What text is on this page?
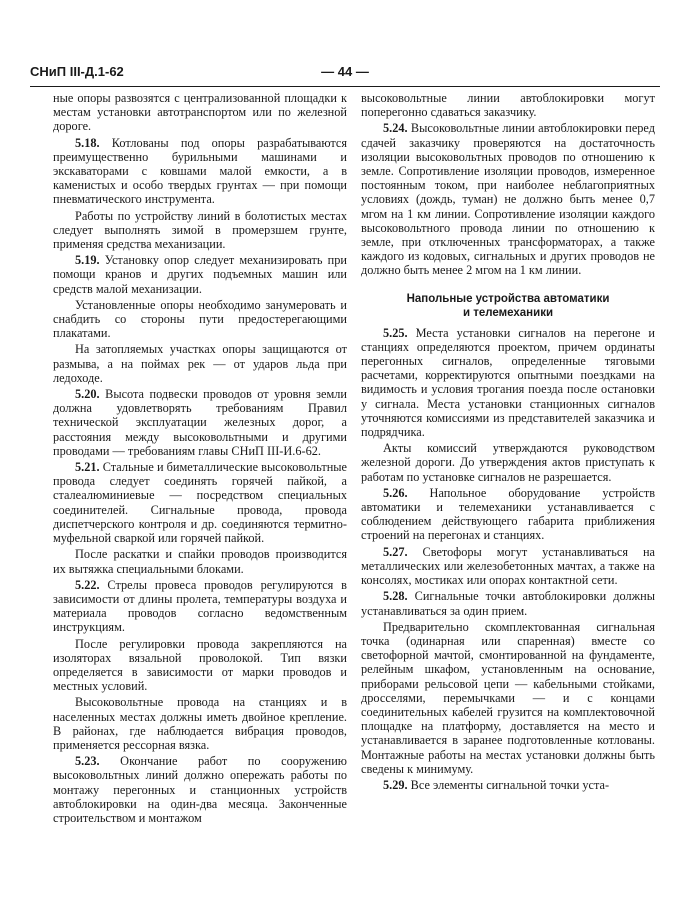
СНиП III-Д.1-62	— 44 —

ные опоры развозятся с централизованной площадки к местам установки автотранспортом или по железной дороге.

5.18. Котлованы под опоры разрабатываются преимущественно бурильными машинами и экскаваторами с ковшами малой емкости, а в каменистых и особо твердых грунтах — при помощи пневматического инструмента.

Работы по устройству линий в болотистых местах следует выполнять зимой в промерзшем грунте, применяя средства механизации.

5.19. Установку опор следует механизировать при помощи кранов и других подъемных машин или средств малой механизации.

Установленные опоры необходимо занумеровать и снабдить со стороны пути предостерегающими плакатами.

На затопляемых участках опоры защищаются от размыва, а на поймах рек — от ударов льда при ледоходе.

5.20. Высота подвески проводов от уровня земли должна удовлетворять требованиям Правил технической эксплуатации железных дорог, а расстояния между высоковольтными и другими проводами — требованиям главы СНиП III-И.6-62.

5.21. Стальные и биметаллические высоковольтные провода следует соединять горячей пайкой, а сталеалюминиевые — посредством специальных соединителей. Сигнальные провода, провода диспетчерского контроля и др. соединяются термитно-муфельной сваркой или горячей пайкой.

После раскатки и спайки проводов производится их вытяжка специальными блоками.

5.22. Стрелы провеса проводов регулируются в зависимости от длины пролета, температуры воздуха и материала проводов согласно ведомственным инструкциям.

После регулировки провода закрепляются на изоляторах вязальной проволокой. Тип вязки определяется в зависимости от марки проводов и местных условий.

Высоковольтные провода на станциях и в населенных местах должны иметь двойное крепление. В районах, где наблюдается вибрация проводов, применяется рессорная вязка.

5.23. Окончание работ по сооружению высоковольтных линий должно опережать работы по монтажу перегонных и станционных устройств автоблокировки на один-два месяца. Законченные строительством и монтажом

высоковольтные линии автоблокировки могут поперегонно сдаваться заказчику.

5.24. Высоковольтные линии автоблокировки перед сдачей заказчику проверяются на достаточность изоляции высоковольтных проводов по отношению к земле. Сопротивление изоляции проводов, измеренное постоянным током, при наиболее неблагоприятных условиях (дождь, туман) не должно быть менее 0,7 мгом на 1 км линии. Сопротивление изоляции каждого высоковольтного провода линии по отношению к земле, при отключенных трансформаторах, а также каждого из кодовых, сигнальных и других проводов не должно быть менее 2 мгом на 1 км линии.

Напольные устройства автоматики
и телемеханики

5.25. Места установки сигналов на перегоне и станциях определяются проектом, причем ординаты перегонных сигналов, определенные тяговыми расчетами, корректируются опытными поездками на видимость и условия трогания поезда после остановки у сигнала. Места установки станционных сигналов уточняются комиссиями из представителей заказчика и подрядчика.

Акты комиссий утверждаются руководством железной дороги. До утверждения актов приступать к работам по установке сигналов не разрешается.

5.26. Напольное оборудование устройств автоматики и телемеханики устанавливается с соблюдением действующего габарита приближения строений на перегонах и станциях.

5.27. Светофоры могут устанавливаться на металлических или железобетонных мачтах, а также на консолях, мостиках или опорах контактной сети.

5.28. Сигнальные точки автоблокировки должны устанавливаться за один прием.

Предварительно скомплектованная сигнальная точка (одинарная или спаренная) вместе со светофорной мачтой, смонтированной на фундаменте, релейным шкафом, установленным на основание, приборами рельсовой цепи — кабельными стойками, дросселями, перемычками — и с концами соединительных кабелей грузится на комплектовочной площадке на платформу, доставляется на место и устанавливается в заранее подготовленные котлованы. Монтажные работы на местах установки должны быть сведены к минимуму.

5.29. Все элементы сигнальной точки уста-
